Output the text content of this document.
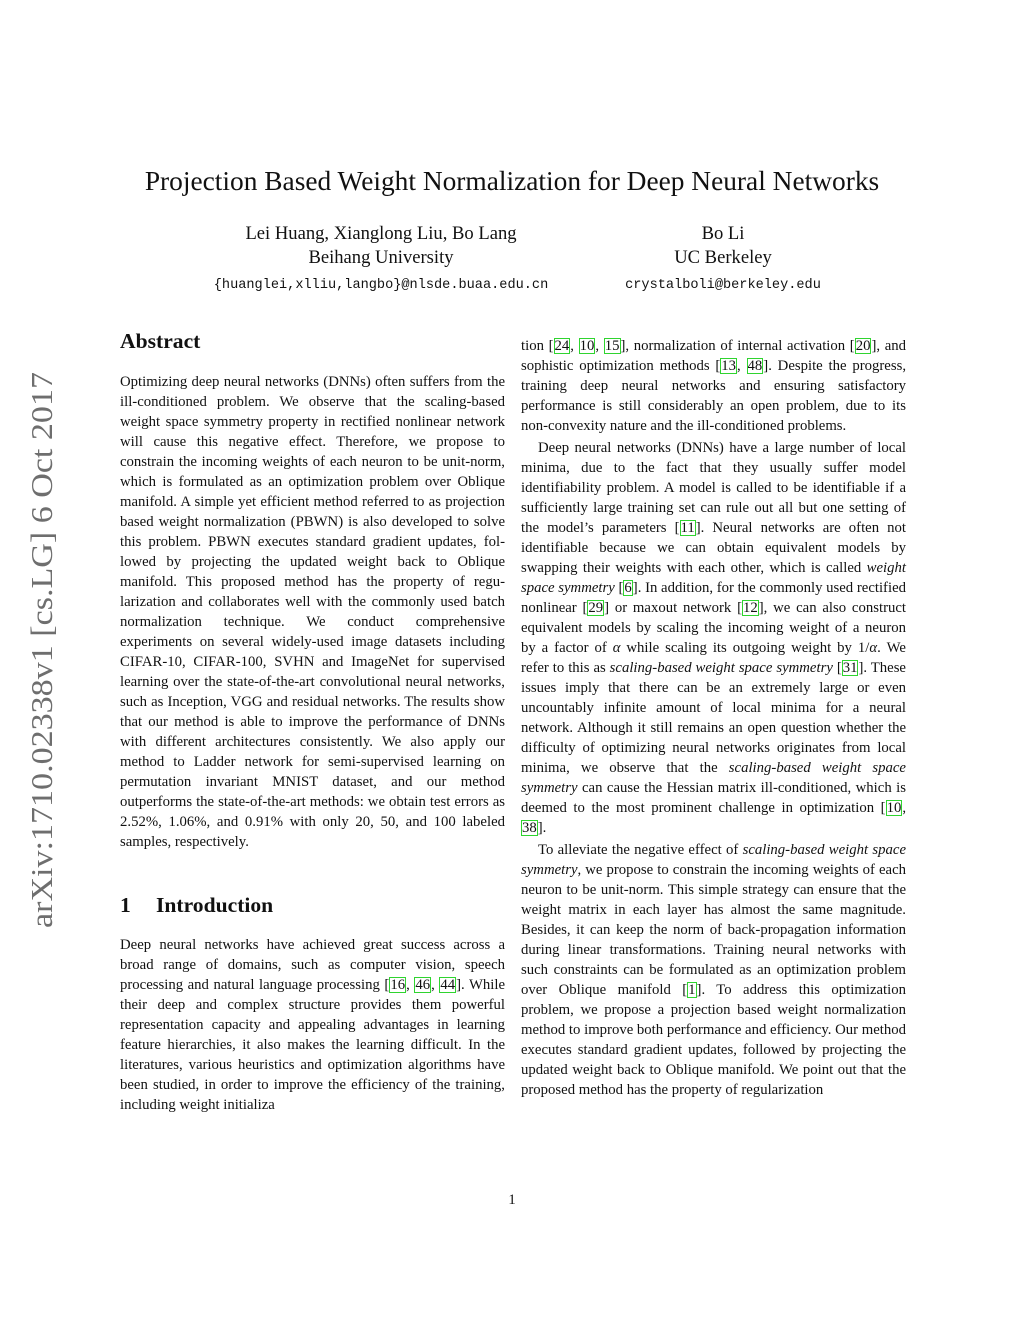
arXiv:1710.02338v1 [cs.LG] 6 Oct 2017
Projection Based Weight Normalization for Deep Neural Networks
Lei Huang, Xianglong Liu, Bo Lang
Beihang University
{huanglei,xlliu,langbo}@nlsde.buaa.edu.cn
Bo Li
UC Berkeley
crystalboli@berkeley.edu
Abstract

Optimizing deep neural networks (DNNs) often suffers from the ill-conditioned problem. We observe that the scaling-based weight space symmetry property in rectified nonlinear network will cause this negative effect. Therefore, we propose to constrain the incoming weights of each neuron to be unit-norm, which is formulated as an optimization problem over Oblique manifold. A simple yet efficient method referred to as projection based weight normalization (PBWN) is also developed to solve this problem. PBWN executes standard gradient updates, followed by projecting the updated weight back to Oblique manifold. This proposed method has the property of regularization and collaborates well with the commonly used batch normalization technique. We conduct comprehensive experiments on several widely-used image datasets including CIFAR-10, CIFAR-100, SVHN and ImageNet for supervised learning over the state-of-the-art convolutional neural networks, such as Inception, VGG and residual networks. The results show that our method is able to improve the performance of DNNs with different architectures consistently. We also apply our method to Ladder network for semi-supervised learning on permutation invariant MNIST dataset, and our method outperforms the state-of-the-art methods: we obtain test errors as 2.52%, 1.06%, and 0.91% with only 20, 50, and 100 labeled samples, respectively.

1 Introduction

Deep neural networks have achieved great success across a broad range of domains, such as computer vision, speech processing and natural language processing [16, 46, 44]. While their deep and complex structure provides them powerful representation capacity and appealing advantages in learning feature hierarchies, it also makes the learning difficult. In the literatures, various heuristics and optimization algorithms have been studied, in order to improve the efficiency of the training, including weight initializa

tion [24, 10, 15], normalization of internal activation [20], and sophistic optimization methods [13, 48]. Despite the progress, training deep neural networks and ensuring satisfactory performance is still considerably an open problem, due to its non-convexity nature and the ill-conditioned problems.

Deep neural networks (DNNs) have a large number of local minima, due to the fact that they usually suffer model identifiability problem. A model is called to be identifiable if a sufficiently large training set can rule out all but one setting of the model’s parameters [11]. Neural networks are often not identifiable because we can obtain equivalent models by swapping their weights with each other, which is called weight space symmetry [6]. In addition, for the commonly used rectified nonlinear [29] or maxout network [12], we can also construct equivalent models by scaling the incoming weight of a neuron by a factor of α while scaling its outgoing weight by 1/α. We refer to this as scaling-based weight space symmetry [31]. These issues imply that there can be an extremely large or even uncountably infinite amount of local minima for a neural network. Although it still remains an open question whether the difficulty of optimizing neural networks originates from local minima, we observe that the scaling-based weight space symmetry can cause the Hessian matrix ill-conditioned, which is deemed to the most prominent challenge in optimization [10, 38].

To alleviate the negative effect of scaling-based weight space symmetry, we propose to constrain the incoming weights of each neuron to be unit-norm. This simple strategy can ensure that the weight matrix in each layer has almost the same magnitude. Besides, it can keep the norm of back-propagation information during linear transformations. Training neural networks with such constraints can be formulated as an optimization problem over Oblique manifold [1]. To address this optimization problem, we propose a projection based weight normalization method to improve both performance and efficiency. Our method executes standard gradient updates, followed by projecting the updated weight back to Oblique manifold. We point out that the proposed method has the property of regularization

1
